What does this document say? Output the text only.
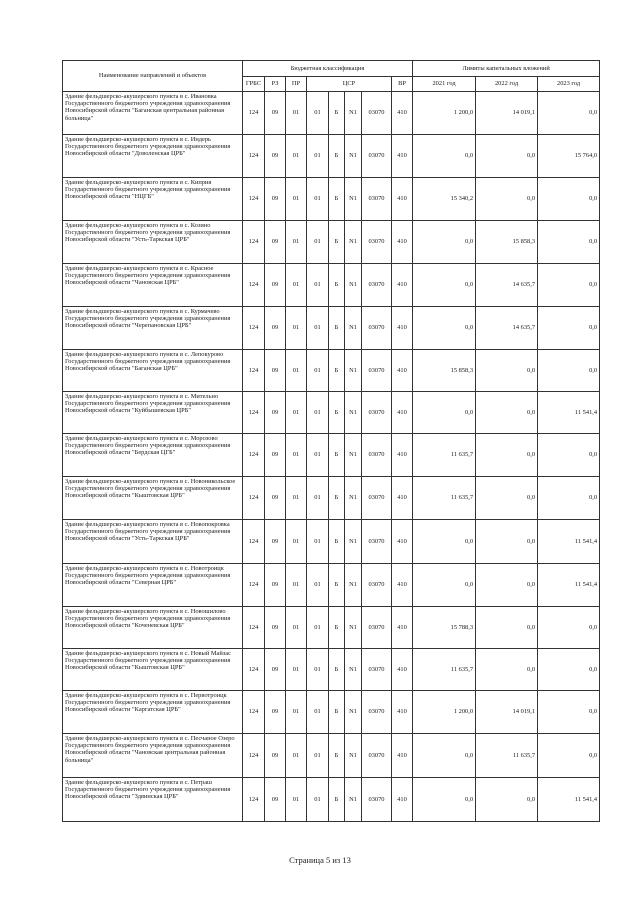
Наименование направлений и объектов	Бюджетная классификация								Лимиты капитальных вложений		
	ГРБС	РЗ	ПР	ЦСР				ВР	2021 год	2022 год	2023 год
Здание фельдшерско-акушерского пункта в с. Ивановка Государственного бюджетного учреждения здравоохранения Новосибирской области "Баганская центральная районная больница"	124	09	01	01	Б	N1	03070	410	1 200,0	14 019,1	0,0
Здание фельдшерско-акушерского пункта в с. Индерь Государственного бюджетного учреждения здравоохранения Новосибирской области "Доволенская ЦРБ"	124	09	01	01	Б	N1	03070	410	0,0	0,0	15 764,0
Здание фельдшерско-акушерского пункта в с. Киприя Государственного бюджетного учреждения здравоохранения Новосибирской области "НЦГБ"	124	09	01	01	Б	N1	03070	410	15 340,2	0,0	0,0
Здание фельдшерско-акушерского пункта в с. Козино Государственного бюджетного учреждения здравоохранения Новосибирской области "Усть-Таркская ЦРБ"	124	09	01	01	Б	N1	03070	410	0,0	15 858,3	0,0
Здание фельдшерско-акушерского пункта в с. Красное Государственного бюджетного учреждения здравоохранения Новосибирской области "Чановская ЦРБ"	124	09	01	01	Б	N1	03070	410	0,0	14 635,7	0,0
Здание фельдшерско-акушерского пункта в с. Курмачево Государственного бюджетного учреждения здравоохранения Новосибирской области "Черепановская ЦРБ"	124	09	01	01	Б	N1	03070	410	0,0	14 635,7	0,0
Здание фельдшерско-акушерского пункта в с. Лепокурово Государственного бюджетного учреждения здравоохранения Новосибирской области "Баганская ЦРБ"	124	09	01	01	Б	N1	03070	410	15 858,3	0,0	0,0
Здание фельдшерско-акушерского пункта в с. Мительно Государственного бюджетного учреждения здравоохранения Новосибирской области "Куйбышевская ЦРБ"	124	09	01	01	Б	N1	03070	410	0,0	0,0	11 541,4
Здание фельдшерско-акушерского пункта в с. Морозово Государственного бюджетного учреждения здравоохранения Новосибирской области "Бердская ЦГБ"	124	09	01	01	Б	N1	03070	410	11 635,7	0,0	0,0
Здание фельдшерско-акушерского пункта в с. Новоникольское Государственного бюджетного учреждения здравоохранения Новосибирской области "Кыштовская ЦРБ"	124	09	01	01	Б	N1	03070	410	11 635,7	0,0	0,0
Здание фельдшерско-акушерского пункта в с. Новопокровка Государственного бюджетного учреждения здравоохранения Новосибирской области "Усть-Таркская ЦРБ"	124	09	01	01	Б	N1	03070	410	0,0	0,0	11 541,4
Здание фельдшерско-акушерского пункта в с. Новотроицк Государственного бюджетного учреждения здравоохранения Новосибирской области "Северная ЦРБ"	124	09	01	01	Б	N1	03070	410	0,0	0,0	11 541,4
Здание фельдшерско-акушерского пункта в с. Новошилово Государственного бюджетного учреждения здравоохранения Новосибирской области "Коченевская ЦРБ"	124	09	01	01	Б	N1	03070	410	15 788,3	0,0	0,0
Здание фельдшерско-акушерского пункта в с. Новый Майзас Государственного бюджетного учреждения здравоохранения Новосибирской области "Кыштовская ЦРБ"	124	09	01	01	Б	N1	03070	410	11 635,7	0,0	0,0
Здание фельдшерско-акушерского пункта в с. Первотроицк Государственного бюджетного учреждения здравоохранения Новосибирской области "Каргатская ЦРБ"	124	09	01	01	Б	N1	03070	410	1 200,0	14 019,1	0,0
Здание фельдшерско-акушерского пункта в с. Песчаное Озеро Государственного бюджетного учреждения здравоохранения Новосибирской области "Чановская центральная районная больница"	124	09	01	01	Б	N1	03070	410	0,0	11 635,7	0,0
Здание фельдшерско-акушерского пункта в с. Петраш Государственного бюджетного учреждения здравоохранения Новосибирской области "Здвинская ЦРБ"	124	09	01	01	Б	N1	03070	410	0,0	0,0	11 541,4
Страница 5 из 13
